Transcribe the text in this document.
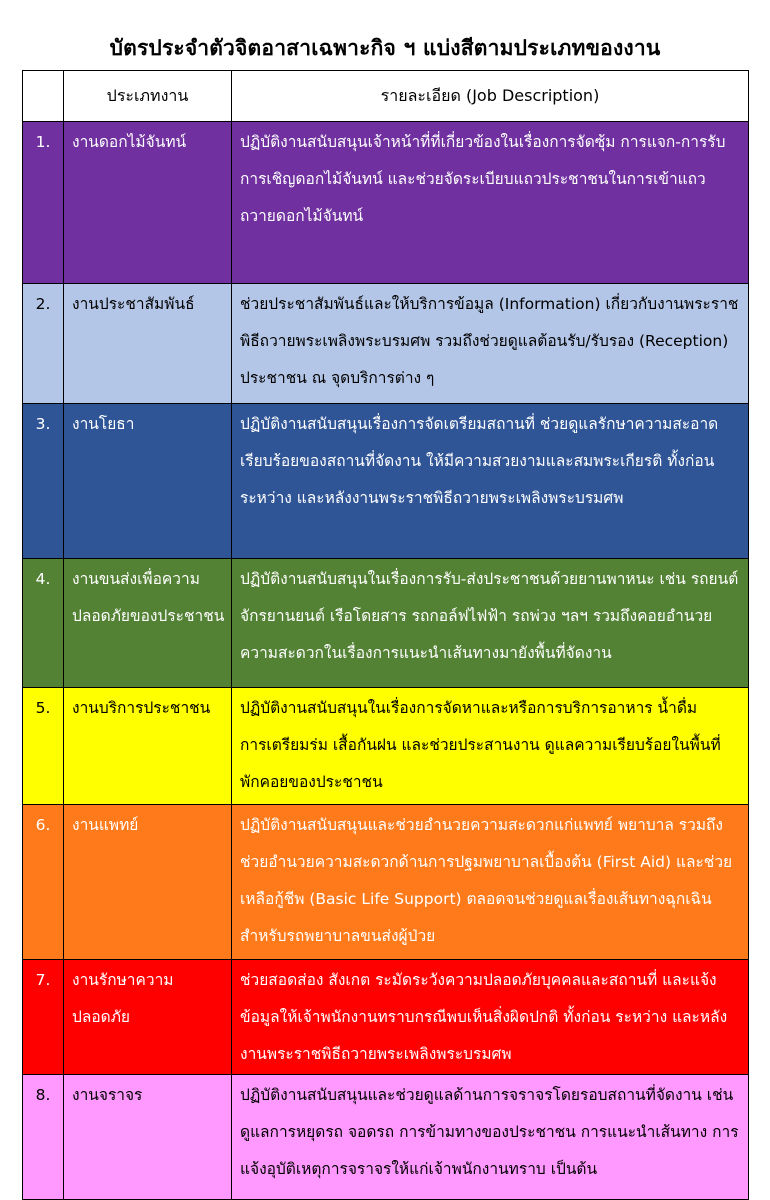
บัตรประจำตัวจิตอาสาเฉพาะกิจ ฯ แบ่งสีตามประเภทของงาน
	ประเภทงาน	รายละเอียด (Job Description)
1.	งานดอกไม้จันทน์	ปฏิบัติงานสนับสนุนเจ้าหน้าที่ที่เกี่ยวข้องในเรื่องการจัดซุ้ม การแจก-การรับ การเชิญดอกไม้จันทน์ และช่วยจัดระเบียบแถวประชาชนในการเข้าแถวถวายดอกไม้จันทน์
2.	งานประชาสัมพันธ์	ช่วยประชาสัมพันธ์และให้บริการข้อมูล (Information) เกี่ยวกับงานพระราชพิธีถวายพระเพลิงพระบรมศพ รวมถึงช่วยดูแลต้อนรับ/รับรอง (Reception) ประชาชน ณ จุดบริการต่าง ๆ
3.	งานโยธา	ปฏิบัติงานสนับสนุนเรื่องการจัดเตรียมสถานที่ ช่วยดูแลรักษาความสะอาดเรียบร้อยของสถานที่จัดงาน ให้มีความสวยงามและสมพระเกียรติ ทั้งก่อน ระหว่าง และหลังงานพระราชพิธีถวายพระเพลิงพระบรมศพ
4.	งานขนส่งเพื่อความปลอดภัยของประชาชน	ปฏิบัติงานสนับสนุนในเรื่องการรับ-ส่งประชาชนด้วยยานพาหนะ เช่น รถยนต์ จักรยานยนต์ เรือโดยสาร รถกอล์ฟไฟฟ้า รถพ่วง ฯลฯ รวมถึงคอยอำนวยความสะดวกในเรื่องการแนะนำเส้นทางมายังพื้นที่จัดงาน
5.	งานบริการประชาชน	ปฏิบัติงานสนับสนุนในเรื่องการจัดหาและหรือการบริการอาหาร น้ำดื่ม การเตรียมร่ม เสื้อกันฝน และช่วยประสานงาน ดูแลความเรียบร้อยในพื้นที่พักคอยของประชาชน
6.	งานแพทย์	ปฏิบัติงานสนับสนุนและช่วยอำนวยความสะดวกแก่แพทย์ พยาบาล รวมถึงช่วยอำนวยความสะดวกด้านการปฐมพยาบาลเบื้องต้น (First Aid) และช่วยเหลือกู้ชีพ (Basic Life Support) ตลอดจนช่วยดูแลเรื่องเส้นทางฉุกเฉินสำหรับรถพยาบาลขนส่งผู้ป่วย
7.	งานรักษาความปลอดภัย	ช่วยสอดส่อง สังเกต ระมัดระวังความปลอดภัยบุคคลและสถานที่ และแจ้งข้อมูลให้เจ้าพนักงานทราบกรณีพบเห็นสิ่งผิดปกติ ทั้งก่อน ระหว่าง และหลังงานพระราชพิธีถวายพระเพลิงพระบรมศพ
8.	งานจราจร	ปฏิบัติงานสนับสนุนและช่วยดูแลด้านการจราจรโดยรอบสถานที่จัดงาน เช่น ดูแลการหยุดรถ จอดรถ การข้ามทางของประชาชน การแนะนำเส้นทาง การแจ้งอุบัติเหตุการจราจรให้แก่เจ้าพนักงานทราบ เป็นต้น
